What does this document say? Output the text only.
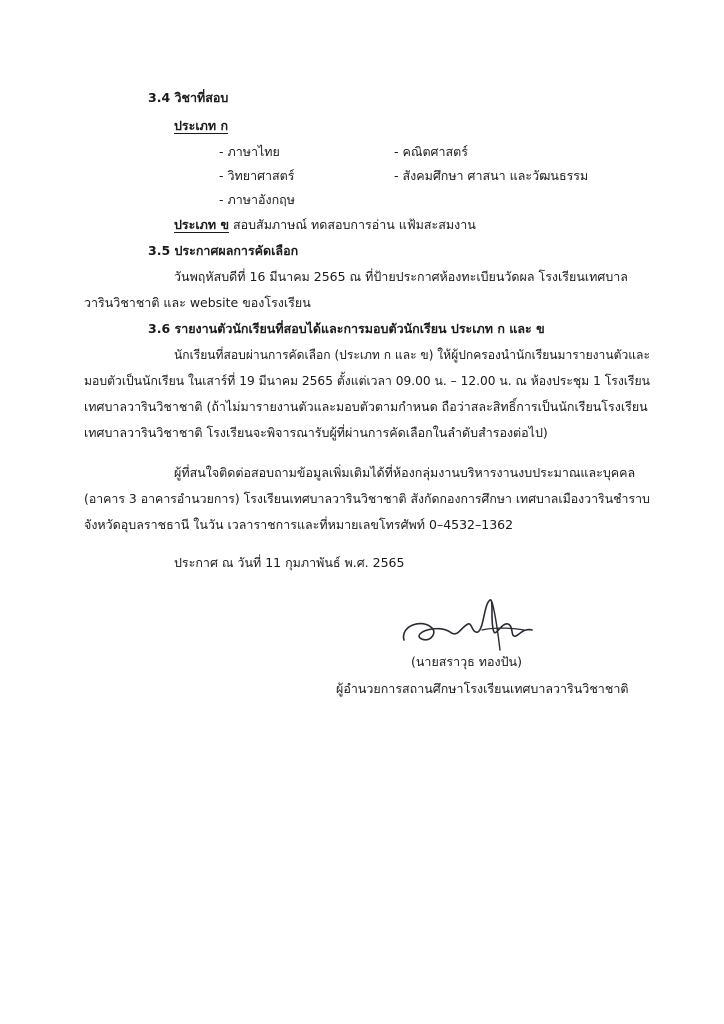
3.4 วิชาที่สอบ
ประเภท ก
- ภาษาไทย	- คณิตศาสตร์
- วิทยาศาสตร์	- สังคมศึกษา ศาสนา และวัฒนธรรม
- ภาษาอังกฤษ
ประเภท ข สอบสัมภาษณ์ ทดสอบการอ่าน แฟ้มสะสมงาน
3.5 ประกาศผลการคัดเลือก
วันพฤหัสบดีที่ 16 มีนาคม 2565 ณ ที่ป้ายประกาศห้องทะเบียนวัดผล โรงเรียนเทศบาล
วารินวิชาชาติ และ website ของโรงเรียน
3.6 รายงานตัวนักเรียนที่สอบได้และการมอบตัวนักเรียน ประเภท ก และ ข
นักเรียนที่สอบผ่านการคัดเลือก (ประเภท ก และ ข) ให้ผู้ปกครองนำนักเรียนมารายงานตัวและ
มอบตัวเป็นนักเรียน ในเสาร์ที่ 19 มีนาคม 2565 ตั้งแต่เวลา 09.00 น. – 12.00 น. ณ ห้องประชุม 1 โรงเรียน
เทศบาลวารินวิชาชาติ (ถ้าไม่มารายงานตัวและมอบตัวตามกำหนด ถือว่าสละสิทธิ์การเป็นนักเรียนโรงเรียน
เทศบาลวารินวิชาชาติ โรงเรียนจะพิจารณารับผู้ที่ผ่านการคัดเลือกในลำดับสำรองต่อไป)
ผู้ที่สนใจติดต่อสอบถามข้อมูลเพิ่มเติมได้ที่ห้องกลุ่มงานบริหารงานงบประมาณและบุคคล
(อาคาร 3 อาคารอำนวยการ) โรงเรียนเทศบาลวารินวิชาชาติ สังกัดกองการศึกษา เทศบาลเมืองวารินชำราบ
จังหวัดอุบลราชธานี ในวัน เวลาราชการและที่หมายเลขโทรศัพท์ 0–4532–1362
ประกาศ ณ วันที่ 11 กุมภาพันธ์ พ.ศ. 2565
(นายสราวุธ ทองปัน)
ผู้อำนวยการสถานศึกษาโรงเรียนเทศบาลวารินวิชาชาติ
